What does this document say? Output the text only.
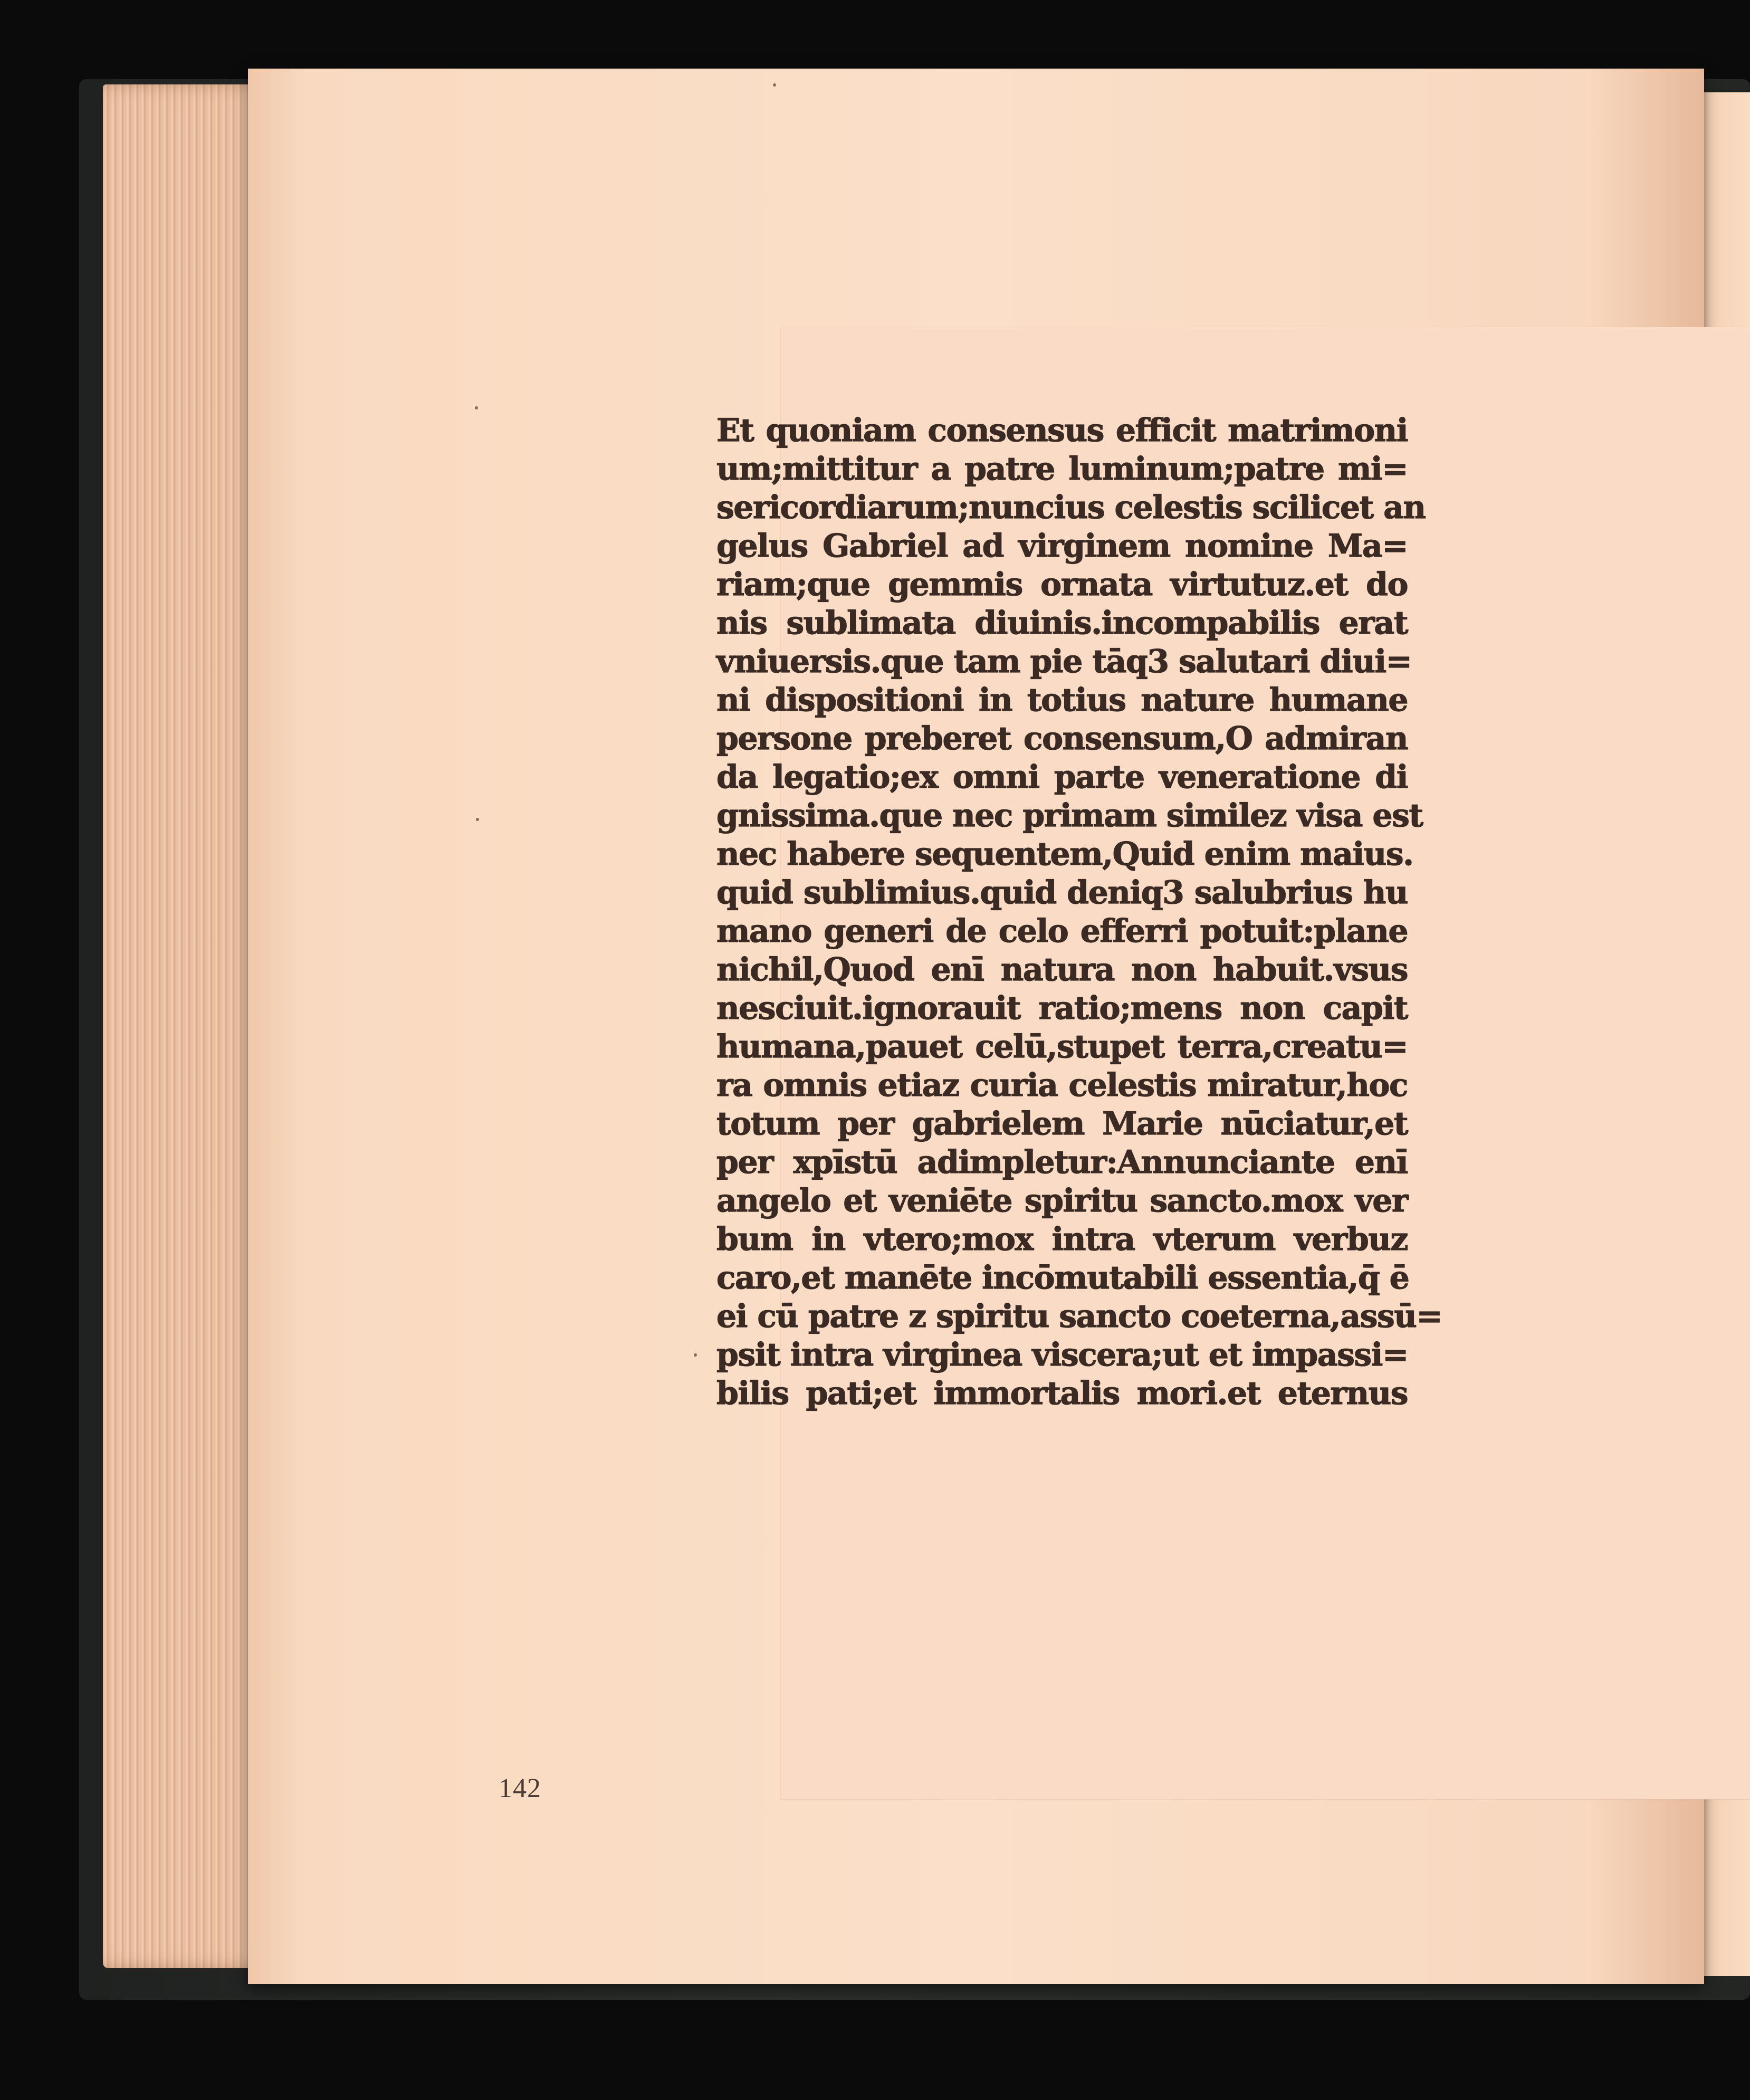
Et quoniam consensus efficit matrimoni
um;mittitur a patre luminum;patre mi=
sericordiarum;nuncius celestis scilicet an
gelus Gabriel ad virginem nomine Ma=
riam;que gemmis ornata virtutuz.et do
nis sublimata diuinis.incompabilis erat
vniuersis.que tam pie tāq3 salutari diui=
ni dispositioni in totius nature humane
persone preberet consensum,O admiran
da legatio;ex omni parte veneratione di
gnissima.que nec primam similez visa est
nec habere sequentem,Quid enim maius.
quid sublimius.quid deniq3 salubrius hu
mano generi de celo efferri potuit:plane
nichil,Quod enī natura non habuit.vsus
nesciuit.ignorauit ratio;mens non capit
humana,pauet celū,stupet terra,creatu=
ra omnis etiaz curia celestis miratur,hoc
totum per gabrielem Marie nūciatur,et
per xpīstū adimpletur:Annunciante enī
angelo et veniēte spiritu sancto.mox ver
bum in vtero;mox intra vterum verbuz
caro,et manēte incōmutabili essentia,q̄ ē
ei cū patre z spiritu sancto coeterna,assū=
psit intra virginea viscera;ut et impassi=
bilis pati;et immortalis mori.et eternus
142
